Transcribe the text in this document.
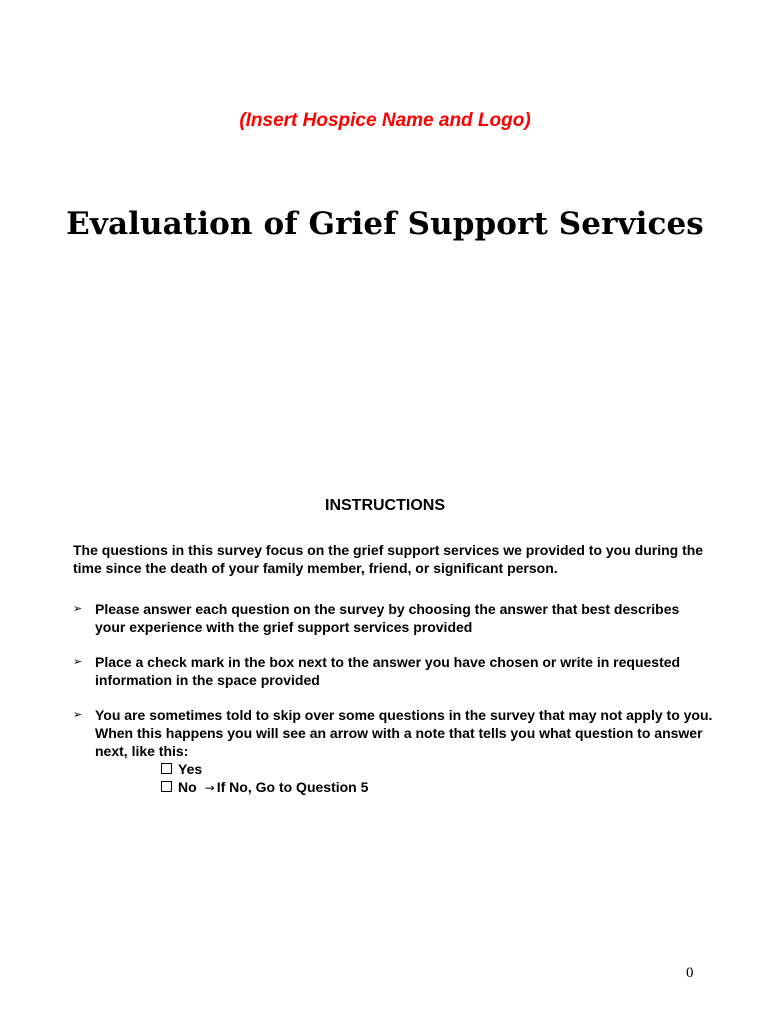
(Insert Hospice Name and Logo)
Evaluation of Grief Support Services
INSTRUCTIONS

The questions in this survey focus on the grief support services we provided to you during the time since the death of your family member, friend, or significant person.

➢ Please answer each question on the survey by choosing the answer that best describes your experience with the grief support services provided
➢ Place a check mark in the box next to the answer you have chosen or write in requested information in the space provided
➢ You are sometimes told to skip over some questions in the survey that may not apply to you. When this happens you will see an arrow with a note that tells you what question to answer next, like this:
Yes
No → If No, Go to Question 5
0
